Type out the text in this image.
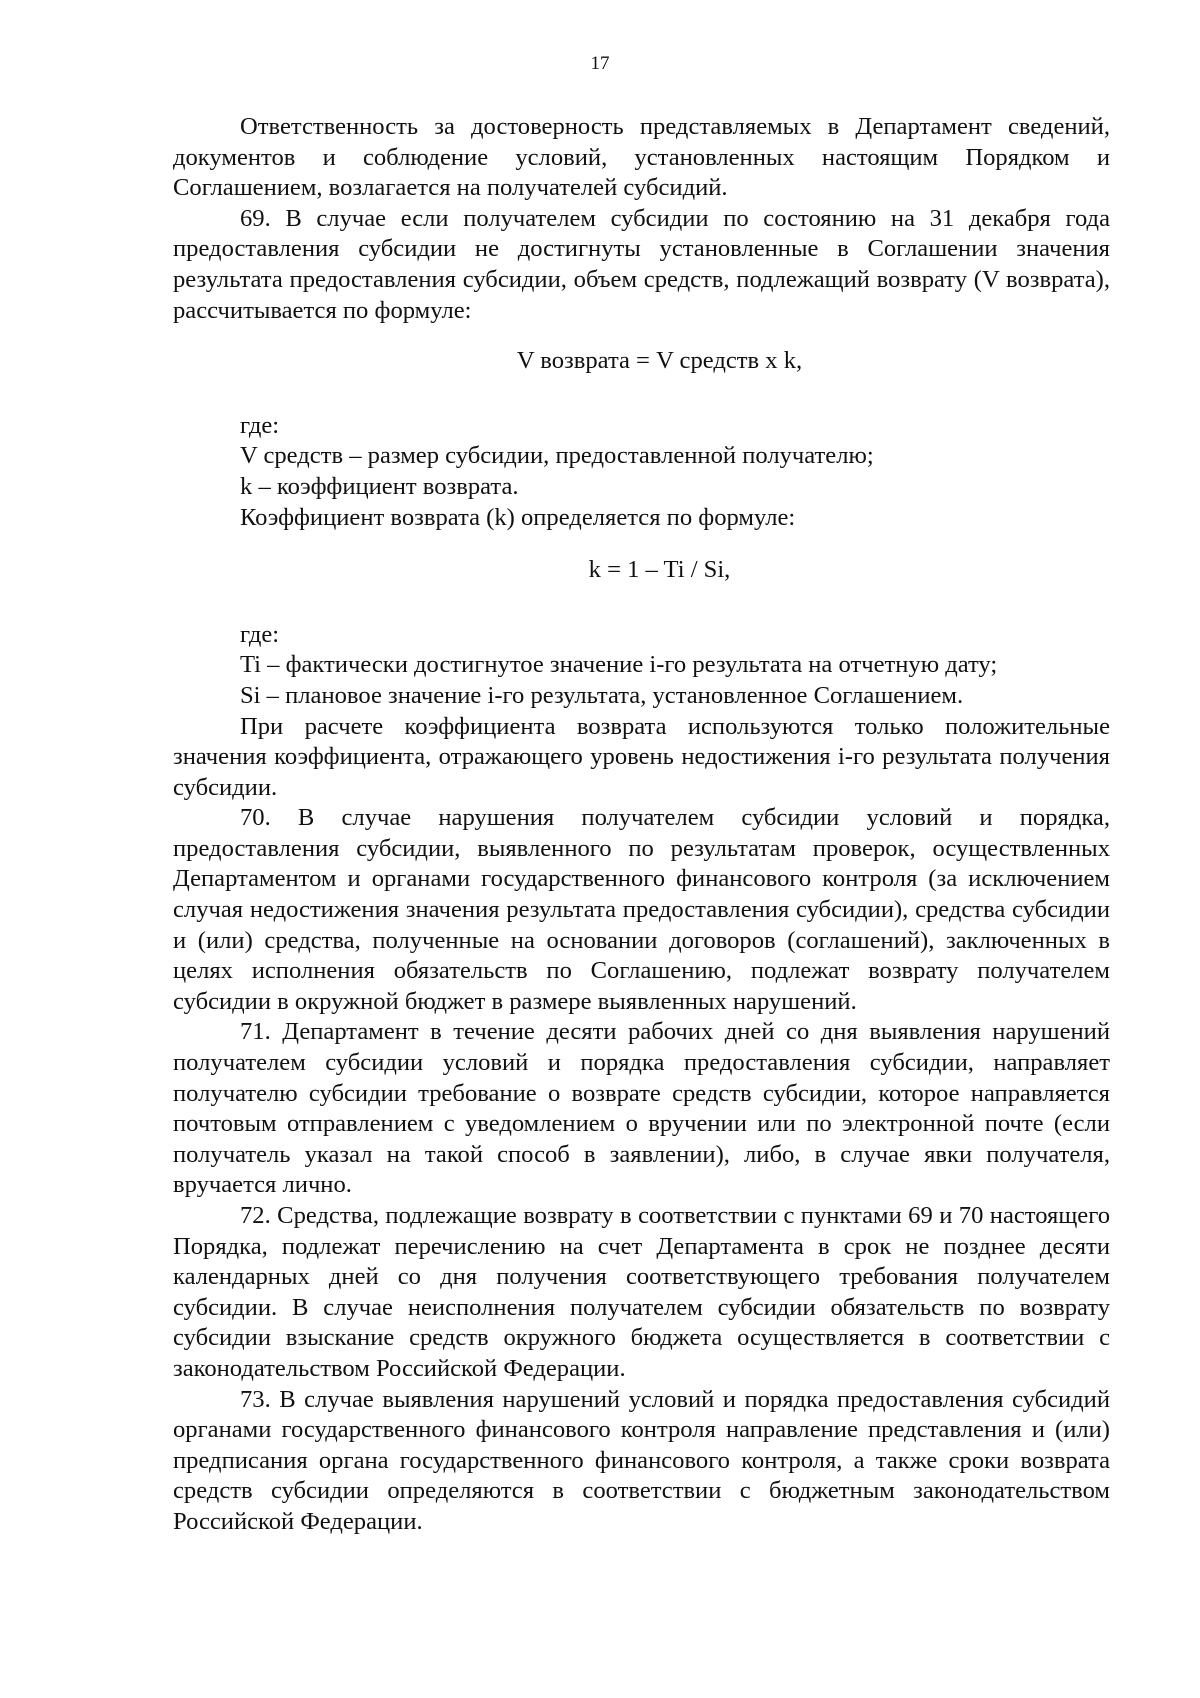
17

Ответственность за достоверность представляемых в Департамент сведений, документов и соблюдение условий, установленных настоящим Порядком и Соглашением, возлагается на получателей субсидий.

69. В случае если получателем субсидии по состоянию на 31 декабря года предоставления субсидии не достигнуты установленные в Соглашении значения результата предоставления субсидии, объем средств, подлежащий возврату (V возврата), рассчитывается по формуле:

V возврата = V средств x k,

где:

V средств – размер субсидии, предоставленной получателю;

k – коэффициент возврата.

Коэффициент возврата (k) определяется по формуле:

k = 1 – Ti / Si,

где:

Ti – фактически достигнутое значение i-го результата на отчетную дату;

Si – плановое значение i-го результата, установленное Соглашением.

При расчете коэффициента возврата используются только положительные значения коэффициента, отражающего уровень недостижения i-го результата получения субсидии.

70. В случае нарушения получателем субсидии условий и порядка, предоставления субсидии, выявленного по результатам проверок, осуществленных Департаментом и органами государственного финансового контроля (за исключением случая недостижения значения результата предоставления субсидии), средства субсидии и (или) средства, полученные на основании договоров (соглашений), заключенных в целях исполнения обязательств по Соглашению, подлежат возврату получателем субсидии в окружной бюджет в размере выявленных нарушений.

71. Департамент в течение десяти рабочих дней со дня выявления нарушений получателем субсидии условий и порядка предоставления субсидии, направляет получателю субсидии требование о возврате средств субсидии, которое направляется почтовым отправлением с уведомлением о вручении или по электронной почте (если получатель указал на такой способ в заявлении), либо, в случае явки получателя, вручается лично.

72. Средства, подлежащие возврату в соответствии с пунктами 69 и 70 настоящего Порядка, подлежат перечислению на счет Департамента в срок не позднее десяти календарных дней со дня получения соответствующего требования получателем субсидии. В случае неисполнения получателем субсидии обязательств по возврату субсидии взыскание средств окружного бюджета осуществляется в соответствии с законодательством Российской Федерации.

73. В случае выявления нарушений условий и порядка предоставления субсидий органами государственного финансового контроля направление представления и (или) предписания органа государственного финансового контроля, а также сроки возврата средств субсидии определяются в соответствии с бюджетным законодательством Российской Федерации.
